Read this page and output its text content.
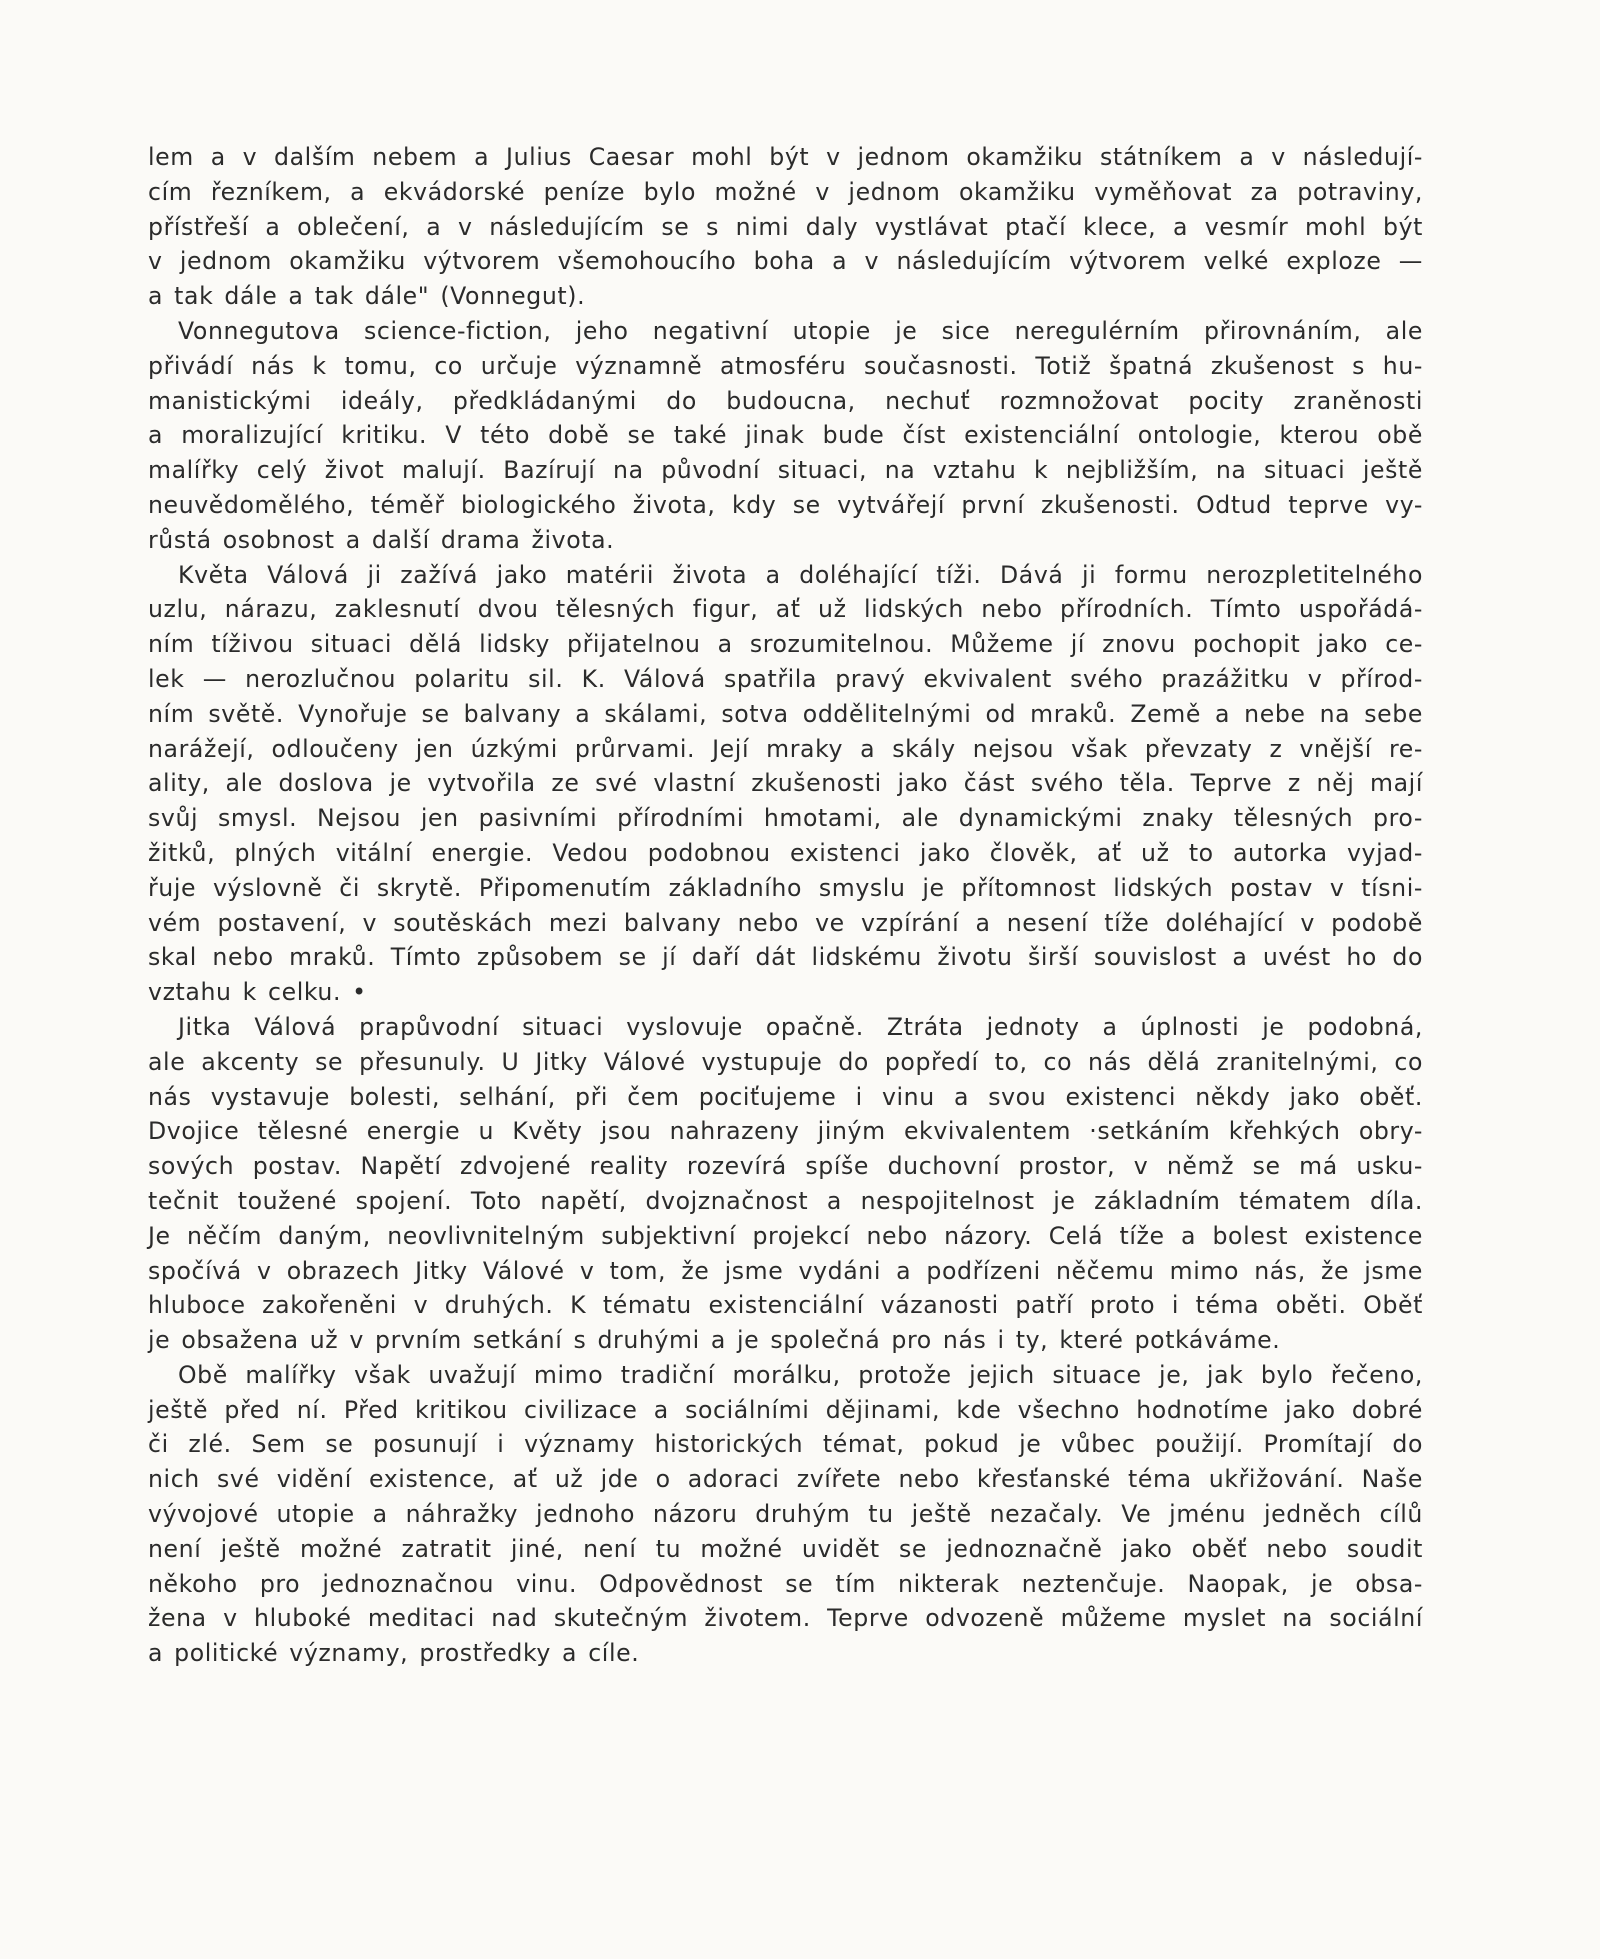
lem a v dalším nebem a Julius Caesar mohl být v jednom okamžiku státníkem a v následují-
cím řezníkem, a ekvádorské peníze bylo možné v jednom okamžiku vyměňovat za potraviny,
přístřeší a oblečení, a v následujícím se s nimi daly vystlávat ptačí klece, a vesmír mohl být
v jednom okamžiku výtvorem všemohoucího boha a v následujícím výtvorem velké exploze —
a tak dále a tak dále" (Vonnegut).
Vonnegutova science-fiction, jeho negativní utopie je sice neregulérním přirovnáním, ale
přivádí nás k tomu, co určuje významně atmosféru současnosti. Totiž špatná zkušenost s hu-
manistickými ideály, předkládanými do budoucna, nechuť rozmnožovat pocity zraněnosti
a moralizující kritiku. V této době se také jinak bude číst existenciální ontologie, kterou obě
malířky celý život malují. Bazírují na původní situaci, na vztahu k nejbližším, na situaci ještě
neuvědomělého, téměř biologického života, kdy se vytvářejí první zkušenosti. Odtud teprve vy-
růstá osobnost a další drama života.
Květa Válová ji zažívá jako matérii života a doléhající tíži. Dává ji formu nerozpletitelného
uzlu, nárazu, zaklesnutí dvou tělesných figur, ať už lidských nebo přírodních. Tímto uspořádá-
ním tíživou situaci dělá lidsky přijatelnou a srozumitelnou. Můžeme jí znovu pochopit jako ce-
lek — nerozlučnou polaritu sil. K. Válová spatřila pravý ekvivalent svého prazážitku v přírod-
ním světě. Vynořuje se balvany a skálami, sotva oddělitelnými od mraků. Země a nebe na sebe
narážejí, odloučeny jen úzkými průrvami. Její mraky a skály nejsou však převzaty z vnější re-
ality, ale doslova je vytvořila ze své vlastní zkušenosti jako část svého těla. Teprve z něj mají
svůj smysl. Nejsou jen pasivními přírodními hmotami, ale dynamickými znaky tělesných pro-
žitků, plných vitální energie. Vedou podobnou existenci jako člověk, ať už to autorka vyjad-
řuje výslovně či skrytě. Připomenutím základního smyslu je přítomnost lidských postav v tísni-
vém postavení, v soutěskách mezi balvany nebo ve vzpírání a nesení tíže doléhající v podobě
skal nebo mraků. Tímto způsobem se jí daří dát lidskému životu širší souvislost a uvést ho do
vztahu k celku. •
Jitka Válová prapůvodní situaci vyslovuje opačně. Ztráta jednoty a úplnosti je podobná,
ale akcenty se přesunuly. U Jitky Válové vystupuje do popředí to, co nás dělá zranitelnými, co
nás vystavuje bolesti, selhání, při čem pociťujeme i vinu a svou existenci někdy jako oběť.
Dvojice tělesné energie u Květy jsou nahrazeny jiným ekvivalentem ·setkáním křehkých obry-
sových postav. Napětí zdvojené reality rozevírá spíše duchovní prostor, v němž se má usku-
tečnit toužené spojení. Toto napětí, dvojznačnost a nespojitelnost je základním tématem díla.
Je něčím daným, neovlivnitelným subjektivní projekcí nebo názory. Celá tíže a bolest existence
spočívá v obrazech Jitky Válové v tom, že jsme vydáni a podřízeni něčemu mimo nás, že jsme
hluboce zakořeněni v druhých. K tématu existenciální vázanosti patří proto i téma oběti. Oběť
je obsažena už v prvním setkání s druhými a je společná pro nás i ty, které potkáváme.
Obě malířky však uvažují mimo tradiční morálku, protože jejich situace je, jak bylo řečeno,
ještě před ní. Před kritikou civilizace a sociálními dějinami, kde všechno hodnotíme jako dobré
či zlé. Sem se posunují i významy historických témat, pokud je vůbec použijí. Promítají do
nich své vidění existence, ať už jde o adoraci zvířete nebo křesťanské téma ukřižování. Naše
vývojové utopie a náhražky jednoho názoru druhým tu ještě nezačaly. Ve jménu jedněch cílů
není ještě možné zatratit jiné, není tu možné uvidět se jednoznačně jako oběť nebo soudit
někoho pro jednoznačnou vinu. Odpovědnost se tím nikterak neztenčuje. Naopak, je obsa-
žena v hluboké meditaci nad skutečným životem. Teprve odvozeně můžeme myslet na sociální
a politické významy, prostředky a cíle.
